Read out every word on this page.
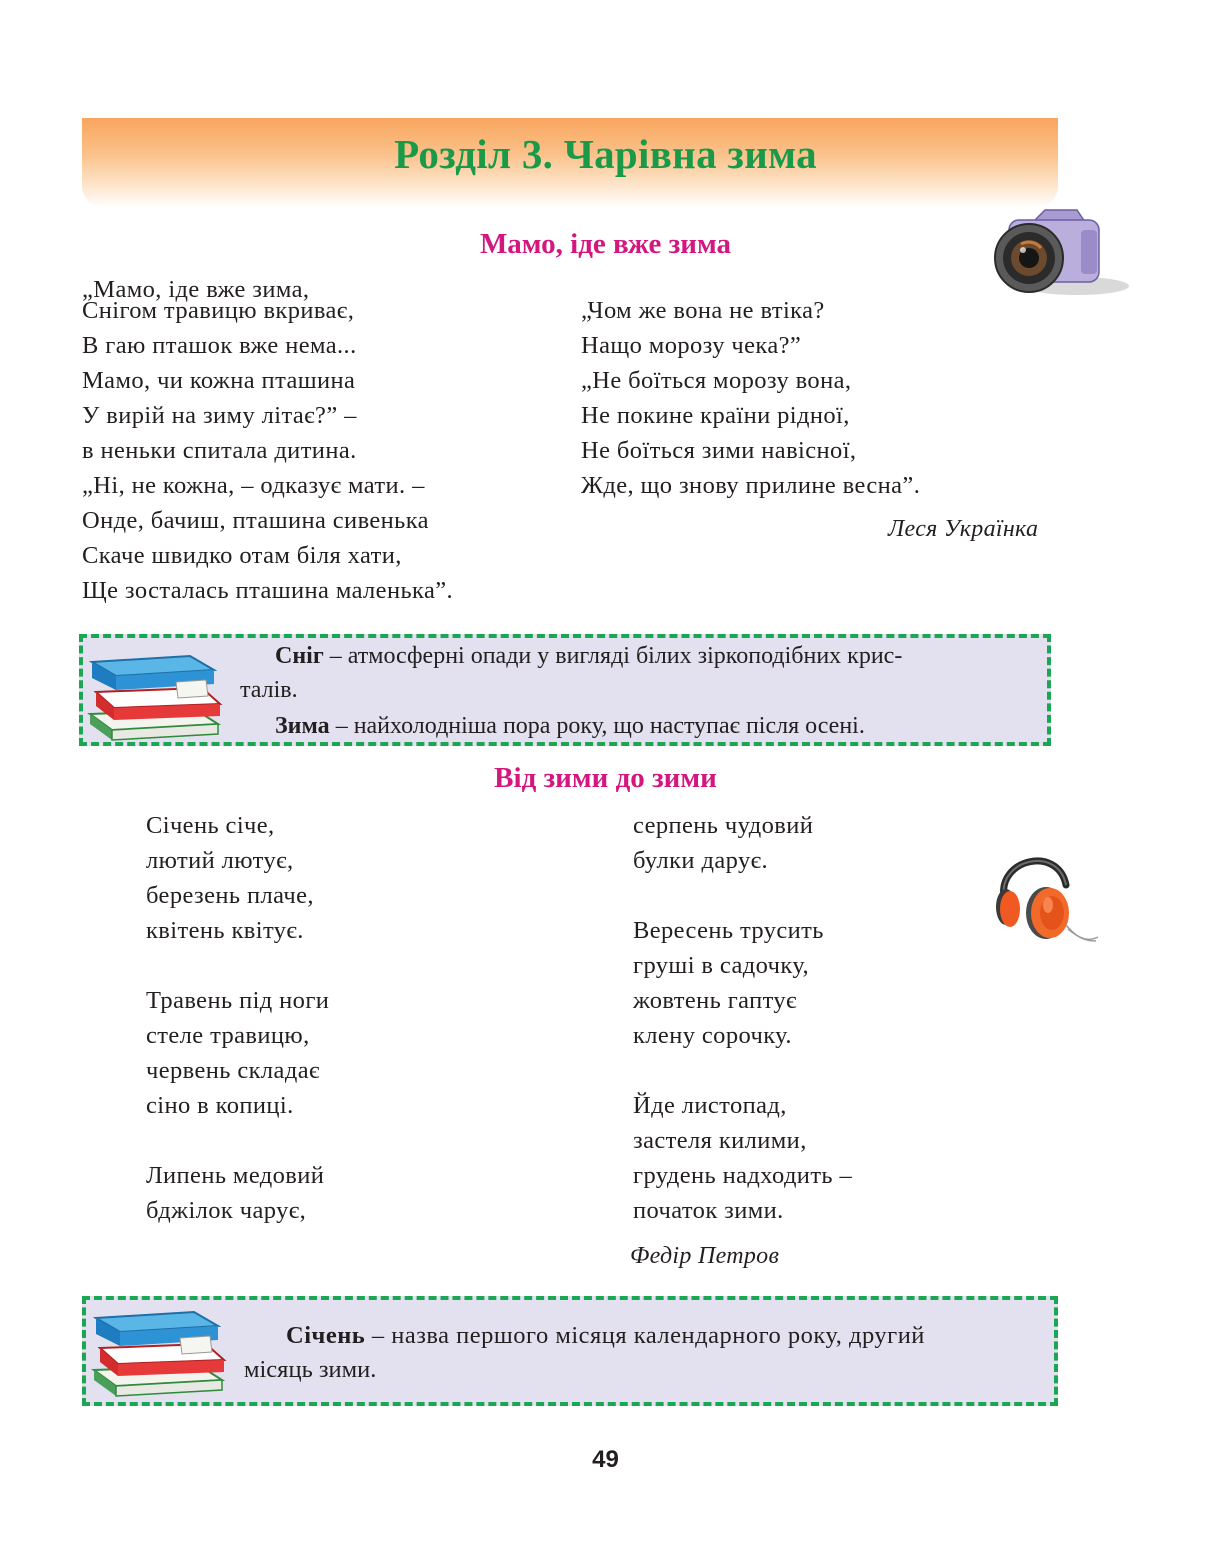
Розділ 3. Чарівна зима
Мамо, іде вже зима
„Мамо, іде вже зима,
Снігом травицю вкриває,
В гаю пташок вже нема...
Мамо, чи кожна пташина
У вирій на зиму літає?” –
в неньки спитала дитина.
„Ні, не кожна, – одказує мати. –
Онде, бачиш, пташина сивенька
Скаче швидко отам біля хати,
Ще зосталась пташина маленька”.
„Чом же вона не втіка?
Нащо морозу чека?”
„Не боїться морозу вона,
Не покине країни рідної,
Не боїться зими навісної,
Жде, що знову прилине весна”.
Леся Українка
Сніг – атмосферні опади у вигляді білих зіркоподібних крис-
талів.
Зима – найхолодніша пора року, що наступає після осені.
Від зими до зими
Січень січе,
лютий лютує,
березень плаче,
квітень квітує.
Травень під ноги
стеле травицю,
червень складає
сіно в копиці.
Липень медовий
бджілок чарує,
серпень чудовий
булки дарує.
Вересень трусить
груші в садочку,
жовтень гаптує
клену сорочку.
Йде листопад,
застеля килими,
грудень надходить –
початок зими.
Федір Петров
Січень – назва першого місяця календарного року, другий
місяць зими.
49
